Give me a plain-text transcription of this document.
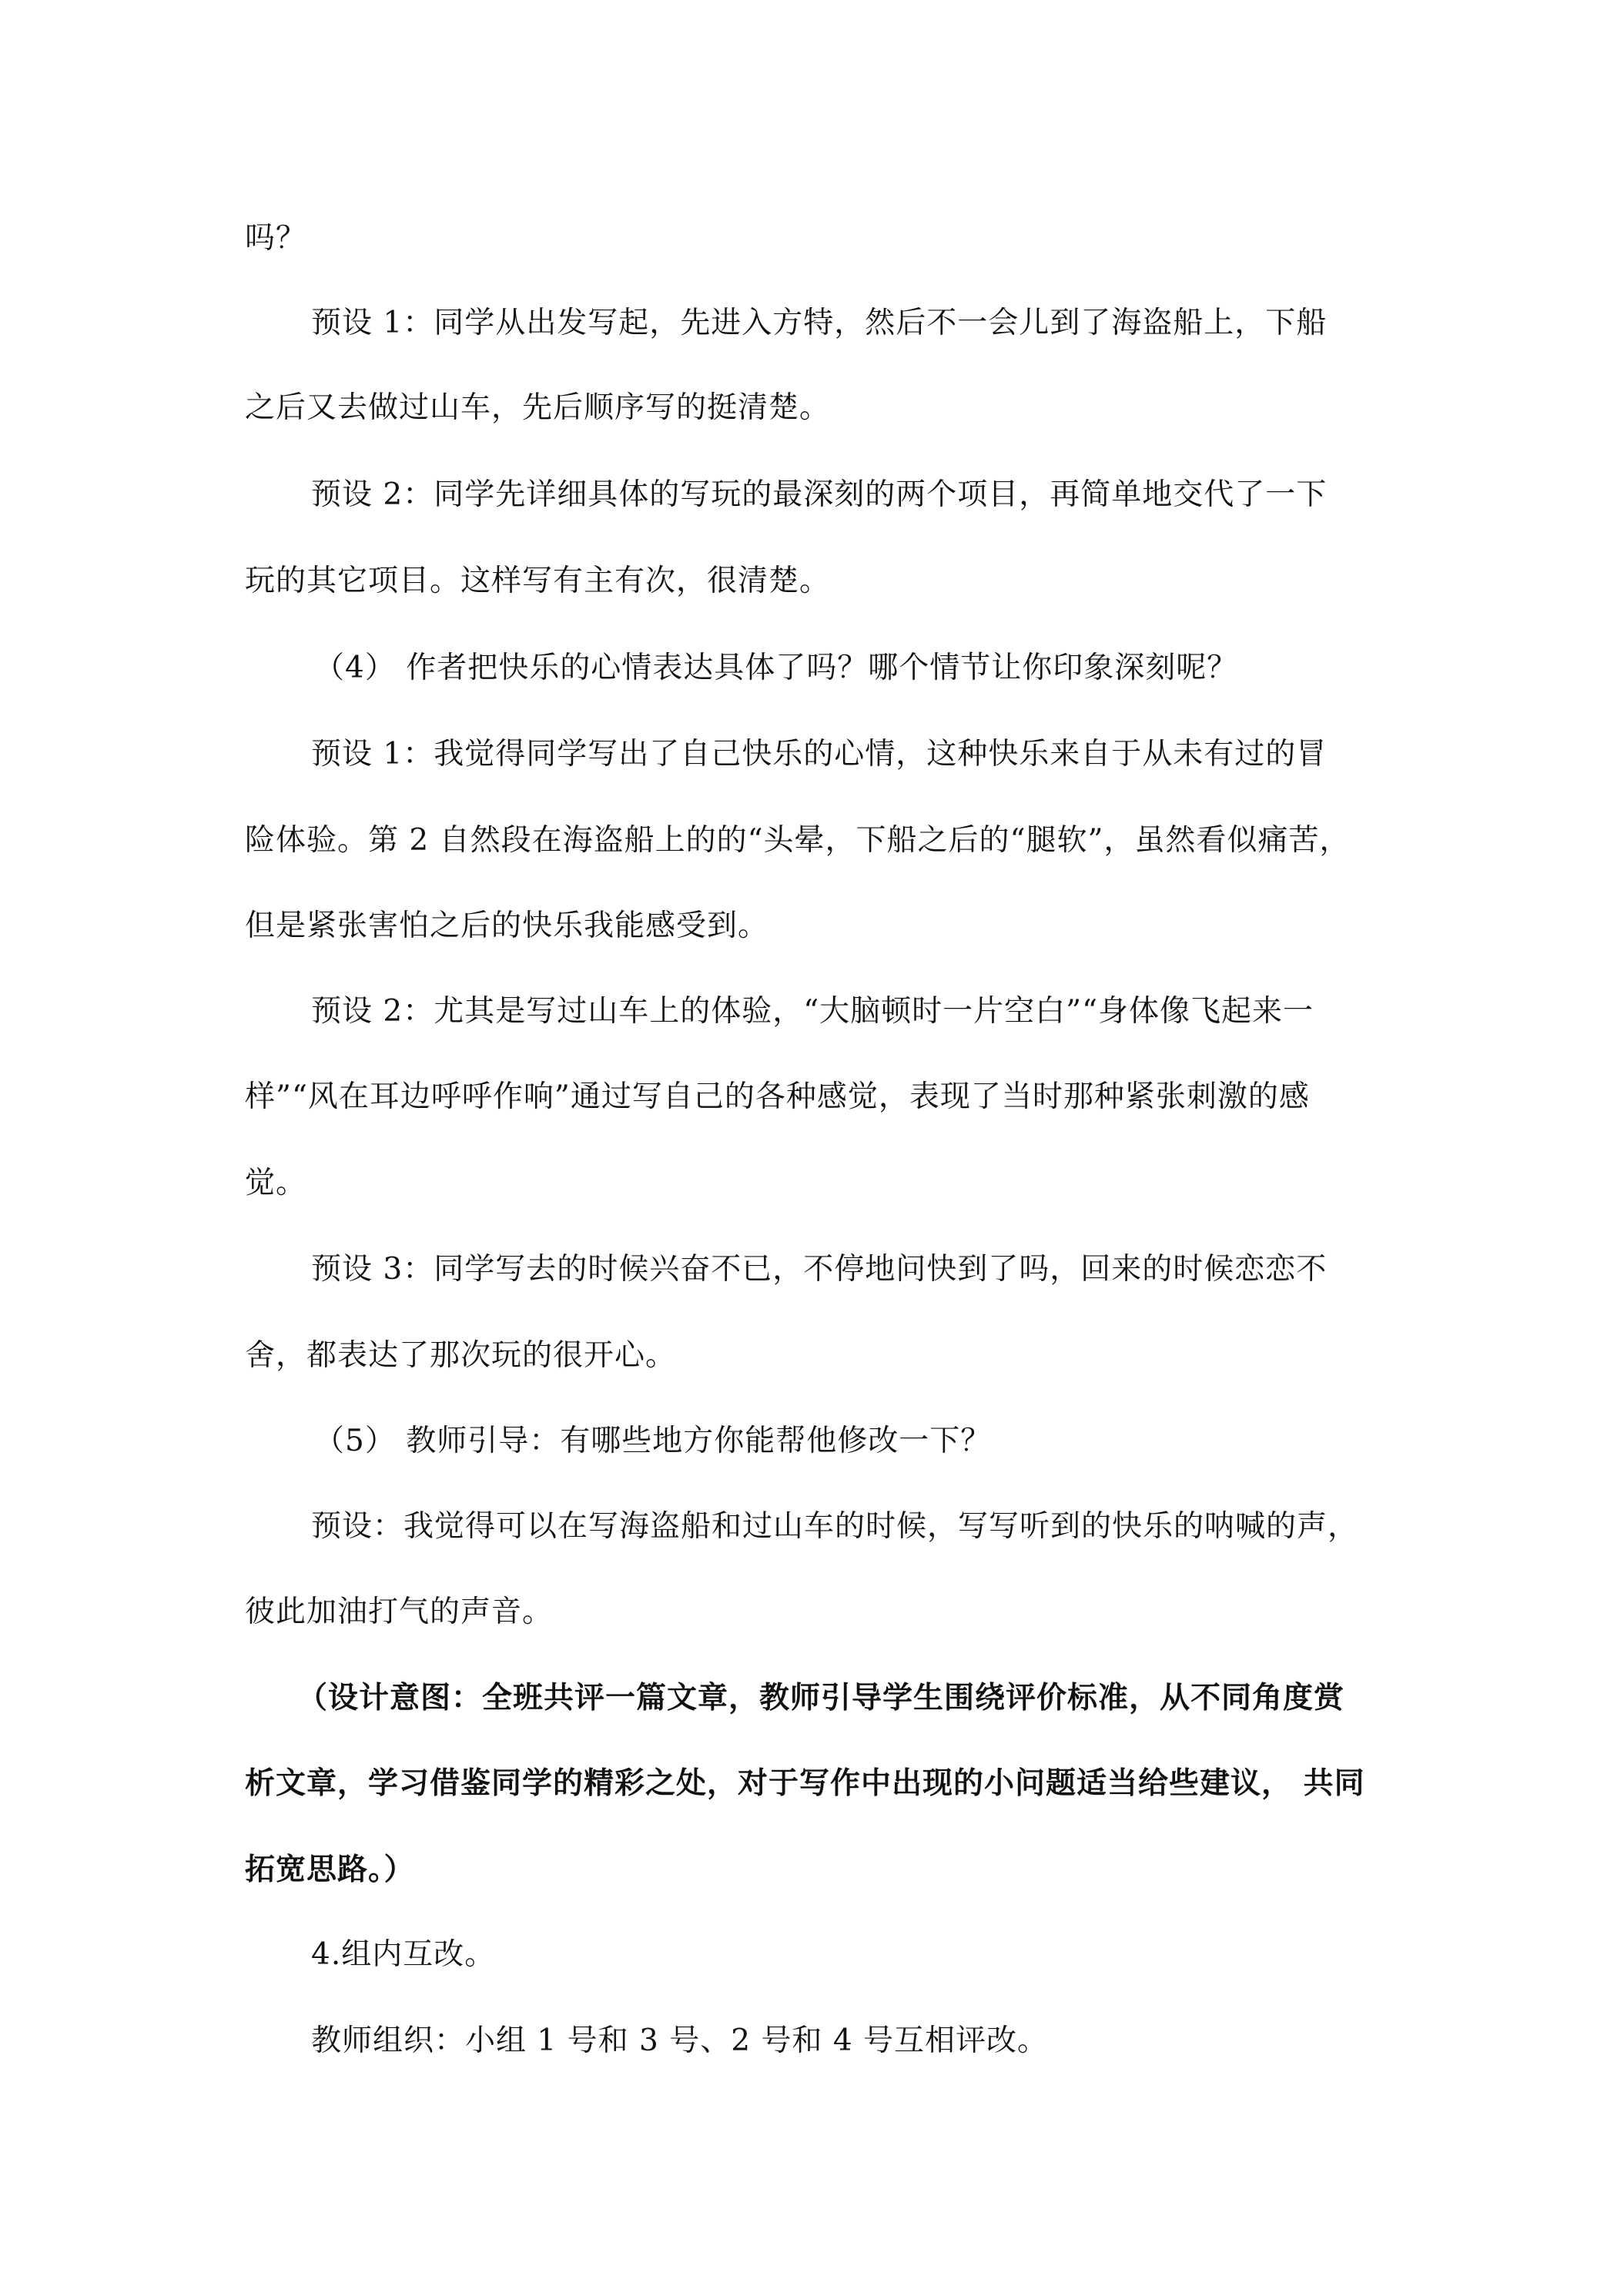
吗？
预设 1：同学从出发写起，先进入方特，然后不一会儿到了海盗船上，下船
之后又去做过山车，先后顺序写的挺清楚。
预设 2：同学先详细具体的写玩的最深刻的两个项目，再简单地交代了一下
玩的其它项目。这样写有主有次，很清楚。
（4） 作者把快乐的心情表达具体了吗？哪个情节让你印象深刻呢？
预设 1：我觉得同学写出了自己快乐的心情，这种快乐来自于从未有过的冒
险体验。第 2 自然段在海盗船上的的“头晕，下船之后的“腿软”，虽然看似痛苦，
但是紧张害怕之后的快乐我能感受到。
预设 2：尤其是写过山车上的体验，“大脑顿时一片空白”“身体像飞起来一
样”“风在耳边呼呼作响”通过写自己的各种感觉，表现了当时那种紧张刺激的感
觉。
预设 3：同学写去的时候兴奋不已，不停地问快到了吗，回来的时候恋恋不
舍，都表达了那次玩的很开心。
（5） 教师引导：有哪些地方你能帮他修改一下？
预设：我觉得可以在写海盗船和过山车的时候，写写听到的快乐的呐喊的声，
彼此加油打气的声音。
（设计意图：全班共评一篇文章，教师引导学生围绕评价标准，从不同角度赏
析文章，学习借鉴同学的精彩之处，对于写作中出现的小问题适当给些建议， 共同
拓宽思路。）
4.组内互改。
教师组织：小组 1 号和 3 号、2 号和 4 号互相评改。
